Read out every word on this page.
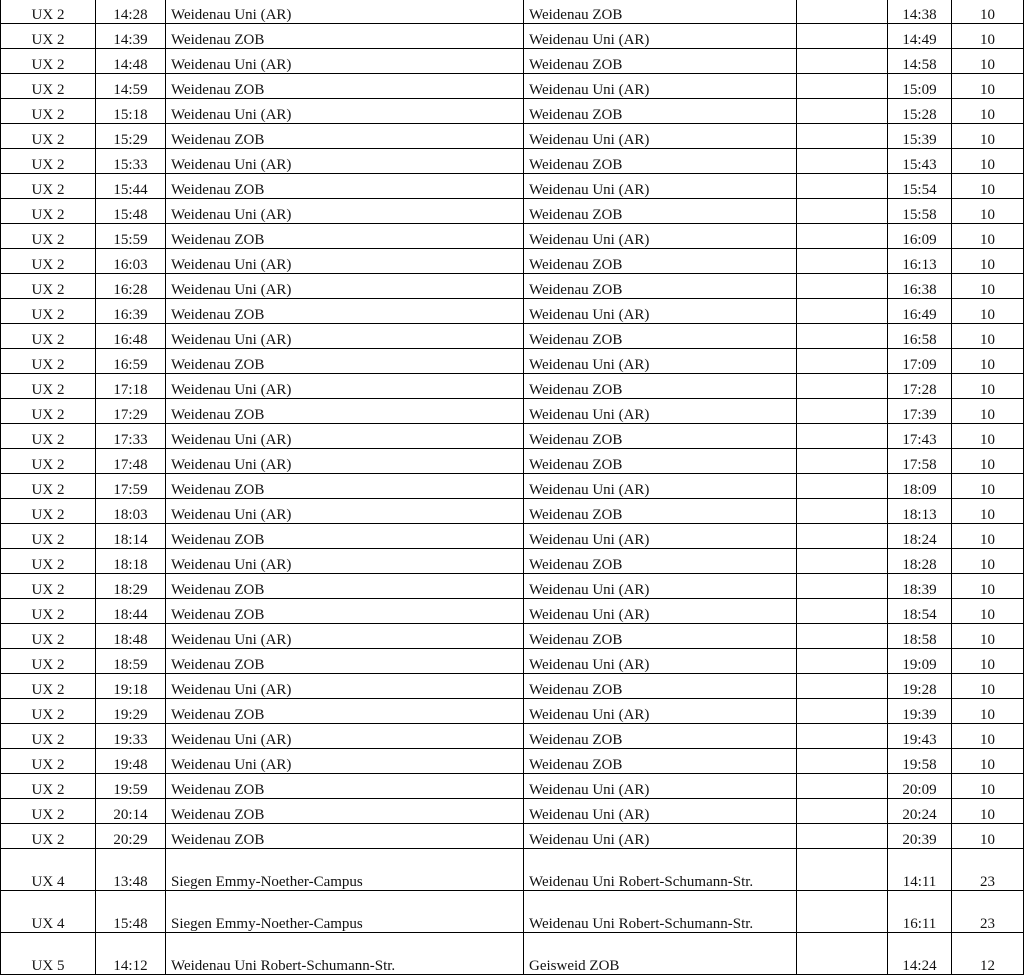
UX 2	14:28	Weidenau Uni (AR)	Weidenau ZOB		14:38	10
UX 2	14:39	Weidenau ZOB	Weidenau Uni (AR)		14:49	10
UX 2	14:48	Weidenau Uni (AR)	Weidenau ZOB		14:58	10
UX 2	14:59	Weidenau ZOB	Weidenau Uni (AR)		15:09	10
UX 2	15:18	Weidenau Uni (AR)	Weidenau ZOB		15:28	10
UX 2	15:29	Weidenau ZOB	Weidenau Uni (AR)		15:39	10
UX 2	15:33	Weidenau Uni (AR)	Weidenau ZOB		15:43	10
UX 2	15:44	Weidenau ZOB	Weidenau Uni (AR)		15:54	10
UX 2	15:48	Weidenau Uni (AR)	Weidenau ZOB		15:58	10
UX 2	15:59	Weidenau ZOB	Weidenau Uni (AR)		16:09	10
UX 2	16:03	Weidenau Uni (AR)	Weidenau ZOB		16:13	10
UX 2	16:28	Weidenau Uni (AR)	Weidenau ZOB		16:38	10
UX 2	16:39	Weidenau ZOB	Weidenau Uni (AR)		16:49	10
UX 2	16:48	Weidenau Uni (AR)	Weidenau ZOB		16:58	10
UX 2	16:59	Weidenau ZOB	Weidenau Uni (AR)		17:09	10
UX 2	17:18	Weidenau Uni (AR)	Weidenau ZOB		17:28	10
UX 2	17:29	Weidenau ZOB	Weidenau Uni (AR)		17:39	10
UX 2	17:33	Weidenau Uni (AR)	Weidenau ZOB		17:43	10
UX 2	17:48	Weidenau Uni (AR)	Weidenau ZOB		17:58	10
UX 2	17:59	Weidenau ZOB	Weidenau Uni (AR)		18:09	10
UX 2	18:03	Weidenau Uni (AR)	Weidenau ZOB		18:13	10
UX 2	18:14	Weidenau ZOB	Weidenau Uni (AR)		18:24	10
UX 2	18:18	Weidenau Uni (AR)	Weidenau ZOB		18:28	10
UX 2	18:29	Weidenau ZOB	Weidenau Uni (AR)		18:39	10
UX 2	18:44	Weidenau ZOB	Weidenau Uni (AR)		18:54	10
UX 2	18:48	Weidenau Uni (AR)	Weidenau ZOB		18:58	10
UX 2	18:59	Weidenau ZOB	Weidenau Uni (AR)		19:09	10
UX 2	19:18	Weidenau Uni (AR)	Weidenau ZOB		19:28	10
UX 2	19:29	Weidenau ZOB	Weidenau Uni (AR)		19:39	10
UX 2	19:33	Weidenau Uni (AR)	Weidenau ZOB		19:43	10
UX 2	19:48	Weidenau Uni (AR)	Weidenau ZOB		19:58	10
UX 2	19:59	Weidenau ZOB	Weidenau Uni (AR)		20:09	10
UX 2	20:14	Weidenau ZOB	Weidenau Uni (AR)		20:24	10
UX 2	20:29	Weidenau ZOB	Weidenau Uni (AR)		20:39	10
UX 4	13:48	Siegen Emmy-Noether-Campus	Weidenau Uni Robert-Schumann-Str.		14:11	23
UX 4	15:48	Siegen Emmy-Noether-Campus	Weidenau Uni Robert-Schumann-Str.		16:11	23
UX 5	14:12	Weidenau Uni Robert-Schumann-Str.	Geisweid ZOB		14:24	12
